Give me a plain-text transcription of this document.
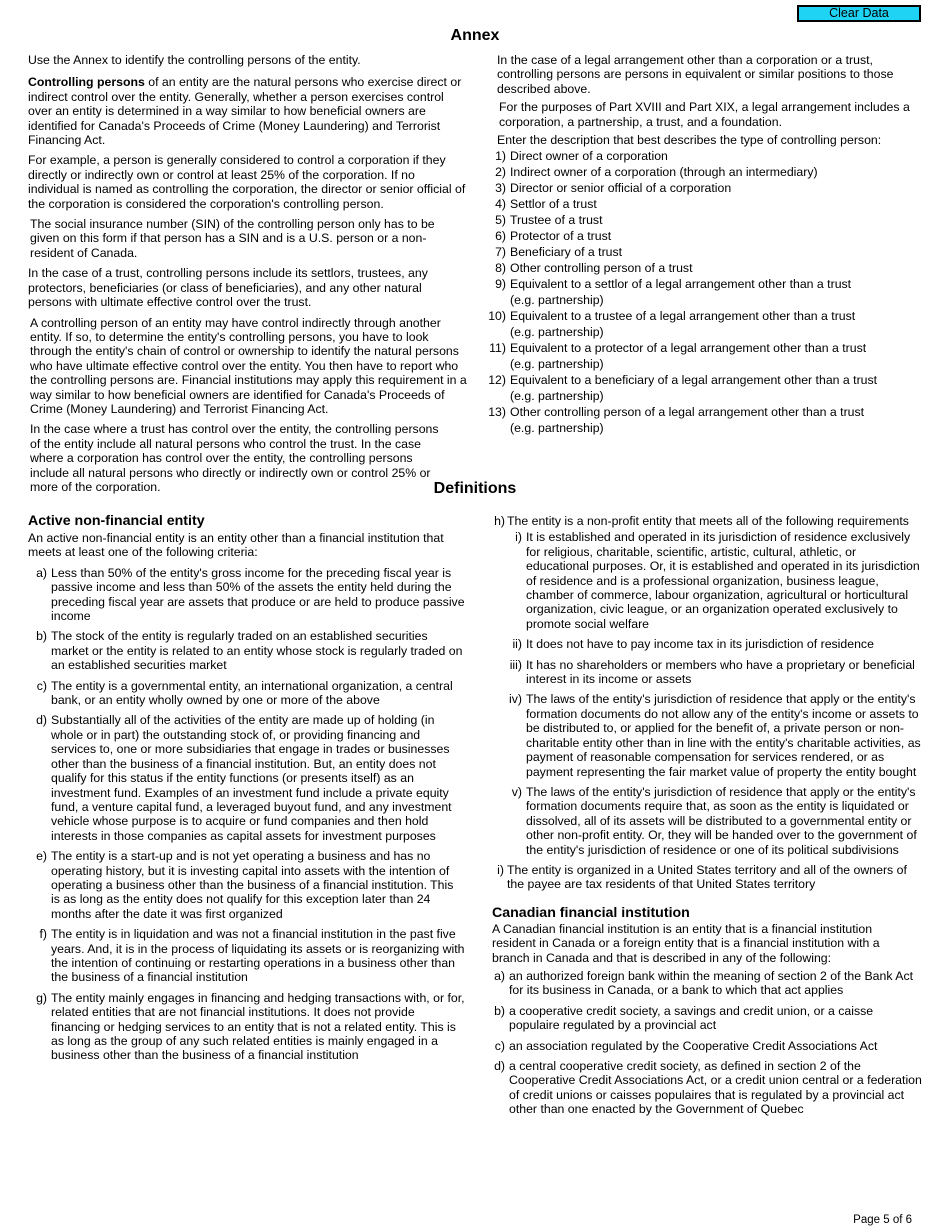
Clear Data
Annex

Use the Annex to identify the controlling persons of the entity.

Controlling persons of an entity are the natural persons who exercise direct or indirect control over the entity. Generally, whether a person exercises control over an entity is determined in a way similar to how beneficial owners are identified for Canada's Proceeds of Crime (Money Laundering) and Terrorist Financing Act.

For example, a person is generally considered to control a corporation if they directly or indirectly own or control at least 25% of the corporation. If no individual is named as controlling the corporation, the director or senior official of the corporation is considered the corporation's controlling person.

The social insurance number (SIN) of the controlling person only has to be given on this form if that person has a SIN and is a U.S. person or a non-resident of Canada.

In the case of a trust, controlling persons include its settlors, trustees, any protectors, beneficiaries (or class of beneficiaries), and any other natural persons with ultimate effective control over the trust.

A controlling person of an entity may have control indirectly through another entity. If so, to determine the entity's controlling persons, you have to look through the entity's chain of control or ownership to identify the natural persons who have ultimate effective control over the entity. You then have to report who the controlling persons are. Financial institutions may apply this requirement in a way similar to how beneficial owners are identified for Canada's Proceeds of Crime (Money Laundering) and Terrorist Financing Act.

In the case where a trust has control over the entity, the controlling persons of the entity include all natural persons who control the trust. In the case where a corporation has control over the entity, the controlling persons include all natural persons who directly or indirectly own or control 25% or more of the corporation.

In the case of a legal arrangement other than a corporation or a trust, controlling persons are persons in equivalent or similar positions to those described above.

For the purposes of Part XVIII and Part XIX, a legal arrangement includes a corporation, a partnership, a trust, and a foundation.

Enter the description that best describes the type of controlling person:

1) Direct owner of a corporation
2) Indirect owner of a corporation (through an intermediary)
3) Director or senior official of a corporation
4) Settlor of a trust
5) Trustee of a trust
6) Protector of a trust
7) Beneficiary of a trust
8) Other controlling person of a trust
9) Equivalent to a settlor of a legal arrangement other than a trust
(e.g. partnership)
10) Equivalent to a trustee of a legal arrangement other than a trust
(e.g. partnership)
11) Equivalent to a protector of a legal arrangement other than a trust
(e.g. partnership)
12) Equivalent to a beneficiary of a legal arrangement other than a trust
(e.g. partnership)
13) Other controlling person of a legal arrangement other than a trust
(e.g. partnership)
Definitions
Active non-financial entity

An active non-financial entity is an entity other than a financial institution that meets at least one of the following criteria:

a) Less than 50% of the entity's gross income for the preceding fiscal year is passive income and less than 50% of the assets the entity held during the preceding fiscal year are assets that produce or are held to produce passive income
b) The stock of the entity is regularly traded on an established securities market or the entity is related to an entity whose stock is regularly traded on an established securities market
c) The entity is a governmental entity, an international organization, a central bank, or an entity wholly owned by one or more of the above
d) Substantially all of the activities of the entity are made up of holding (in whole or in part) the outstanding stock of, or providing financing and services to, one or more subsidiaries that engage in trades or businesses other than the business of a financial institution. But, an entity does not qualify for this status if the entity functions (or presents itself) as an investment fund. Examples of an investment fund include a private equity fund, a venture capital fund, a leveraged buyout fund, and any investment vehicle whose purpose is to acquire or fund companies and then hold interests in those companies as capital assets for investment purposes
e) The entity is a start-up and is not yet operating a business and has no operating history, but it is investing capital into assets with the intention of operating a business other than the business of a financial institution. This is as long as the entity does not qualify for this exception later than 24 months after the date it was first organized
f) The entity is in liquidation and was not a financial institution in the past five years. And, it is in the process of liquidating its assets or is reorganizing with the intention of continuing or restarting operations in a business other than the business of a financial institution
g) The entity mainly engages in financing and hedging transactions with, or for, related entities that are not financial institutions. It does not provide financing or hedging services to an entity that is not a related entity. This is as long as the group of any such related entities is mainly engaged in a business other than the business of a financial institution
h) The entity is a non-profit entity that meets all of the following requirements
i) It is established and operated in its jurisdiction of residence exclusively for religious, charitable, scientific, artistic, cultural, athletic, or educational purposes. Or, it is established and operated in its jurisdiction of residence and is a professional organization, business league, chamber of commerce, labour organization, agricultural or horticultural organization, civic league, or an organization operated exclusively to promote social welfare
ii) It does not have to pay income tax in its jurisdiction of residence
iii) It has no shareholders or members who have a proprietary or beneficial interest in its income or assets
iv) The laws of the entity's jurisdiction of residence that apply or the entity's formation documents do not allow any of the entity's income or assets to be distributed to, or applied for the benefit of, a private person or non-charitable entity other than in line with the entity's charitable activities, as payment of reasonable compensation for services rendered, or as payment representing the fair market value of property the entity bought
v) The laws of the entity's jurisdiction of residence that apply or the entity's formation documents require that, as soon as the entity is liquidated or dissolved, all of its assets will be distributed to a governmental entity or other non-profit entity. Or, they will be handed over to the government of the entity's jurisdiction of residence or one of its political subdivisions
i) The entity is organized in a United States territory and all of the owners of the payee are tax residents of that United States territory
Canadian financial institution

A Canadian financial institution is an entity that is a financial institution resident in Canada or a foreign entity that is a financial institution with a branch in Canada and that is described in any of the following:

a) an authorized foreign bank within the meaning of section 2 of the Bank Act for its business in Canada, or a bank to which that act applies
b) a cooperative credit society, a savings and credit union, or a caisse populaire regulated by a provincial act
c) an association regulated by the Cooperative Credit Associations Act
d) a central cooperative credit society, as defined in section 2 of the Cooperative Credit Associations Act, or a credit union central or a federation of credit unions or caisses populaires that is regulated by a provincial act other than one enacted by the Government of Quebec
Page 5 of 6
